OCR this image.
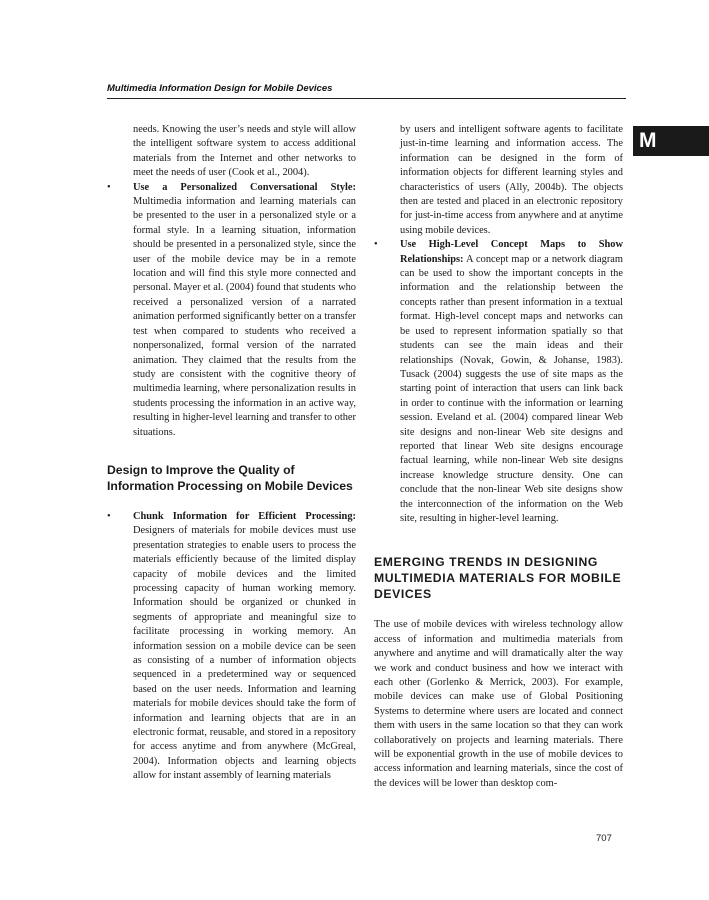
Multimedia Information Design for Mobile Devices
M

needs. Knowing the user’s needs and style will allow the intelligent software system to access additional materials from the Internet and other networks to meet the needs of user (Cook et al., 2004).

• Use a Personalized Conversational Style: Multimedia information and learning materials can be presented to the user in a personalized style or a formal style. In a learning situation, information should be presented in a personalized style, since the user of the mobile device may be in a remote location and will find this style more connected and personal. Mayer et al. (2004) found that students who received a personalized version of a narrated animation performed significantly better on a transfer test when compared to students who received a nonpersonalized, formal version of the narrated animation. They claimed that the results from the study are consistent with the cognitive theory of multimedia learning, where personalization results in students processing the information in an active way, resulting in higher-level learning and transfer to other situations.

Design to Improve the Quality of Information Processing on Mobile Devices
• Chunk Information for Efficient Processing: Designers of materials for mobile devices must use presentation strategies to enable users to process the materials efficiently because of the limited display capacity of mobile devices and the limited processing capacity of human working memory. Information should be organized or chunked in segments of appropriate and meaningful size to facilitate processing in working memory. An information session on a mobile device can be seen as consisting of a number of information objects sequenced in a predetermined way or sequenced based on the user needs. Information and learning materials for mobile devices should take the form of information and learning objects that are in an electronic format, reusable, and stored in a repository for access anytime and from anywhere (McGreal, 2004). Information objects and learning objects allow for instant assembly of learning materials

by users and intelligent software agents to facilitate just-in-time learning and information access. The information can be designed in the form of information objects for different learning styles and characteristics of users (Ally, 2004b). The objects then are tested and placed in an electronic repository for just-in-time access from anywhere and at anytime using mobile devices.

• Use High-Level Concept Maps to Show Relationships: A concept map or a network diagram can be used to show the important concepts in the information and the relationship between the concepts rather than present information in a textual format. High-level concept maps and networks can be used to represent information spatially so that students can see the main ideas and their relationships (Novak, Gowin, & Johanse, 1983). Tusack (2004) suggests the use of site maps as the starting point of interaction that users can link back in order to continue with the information or learning session. Eveland et al. (2004) compared linear Web site designs and non-linear Web site designs and reported that linear Web site designs encourage factual learning, while non-linear Web site designs increase knowledge structure density. One can conclude that the non-linear Web site designs show the interconnection of the information on the Web site, resulting in higher-level learning.

EMERGING TRENDS IN DESIGNING MULTIMEDIA MATERIALS FOR MOBILE DEVICES

The use of mobile devices with wireless technology allow access of information and multimedia materials from anywhere and anytime and will dramatically alter the way we work and conduct business and how we interact with each other (Gorlenko & Merrick, 2003). For example, mobile devices can make use of Global Positioning Systems to determine where users are located and connect them with users in the same location so that they can work collaboratively on projects and learning materials. There will be exponential growth in the use of mobile devices to access information and learning materials, since the cost of the devices will be lower than desktop com-

707
